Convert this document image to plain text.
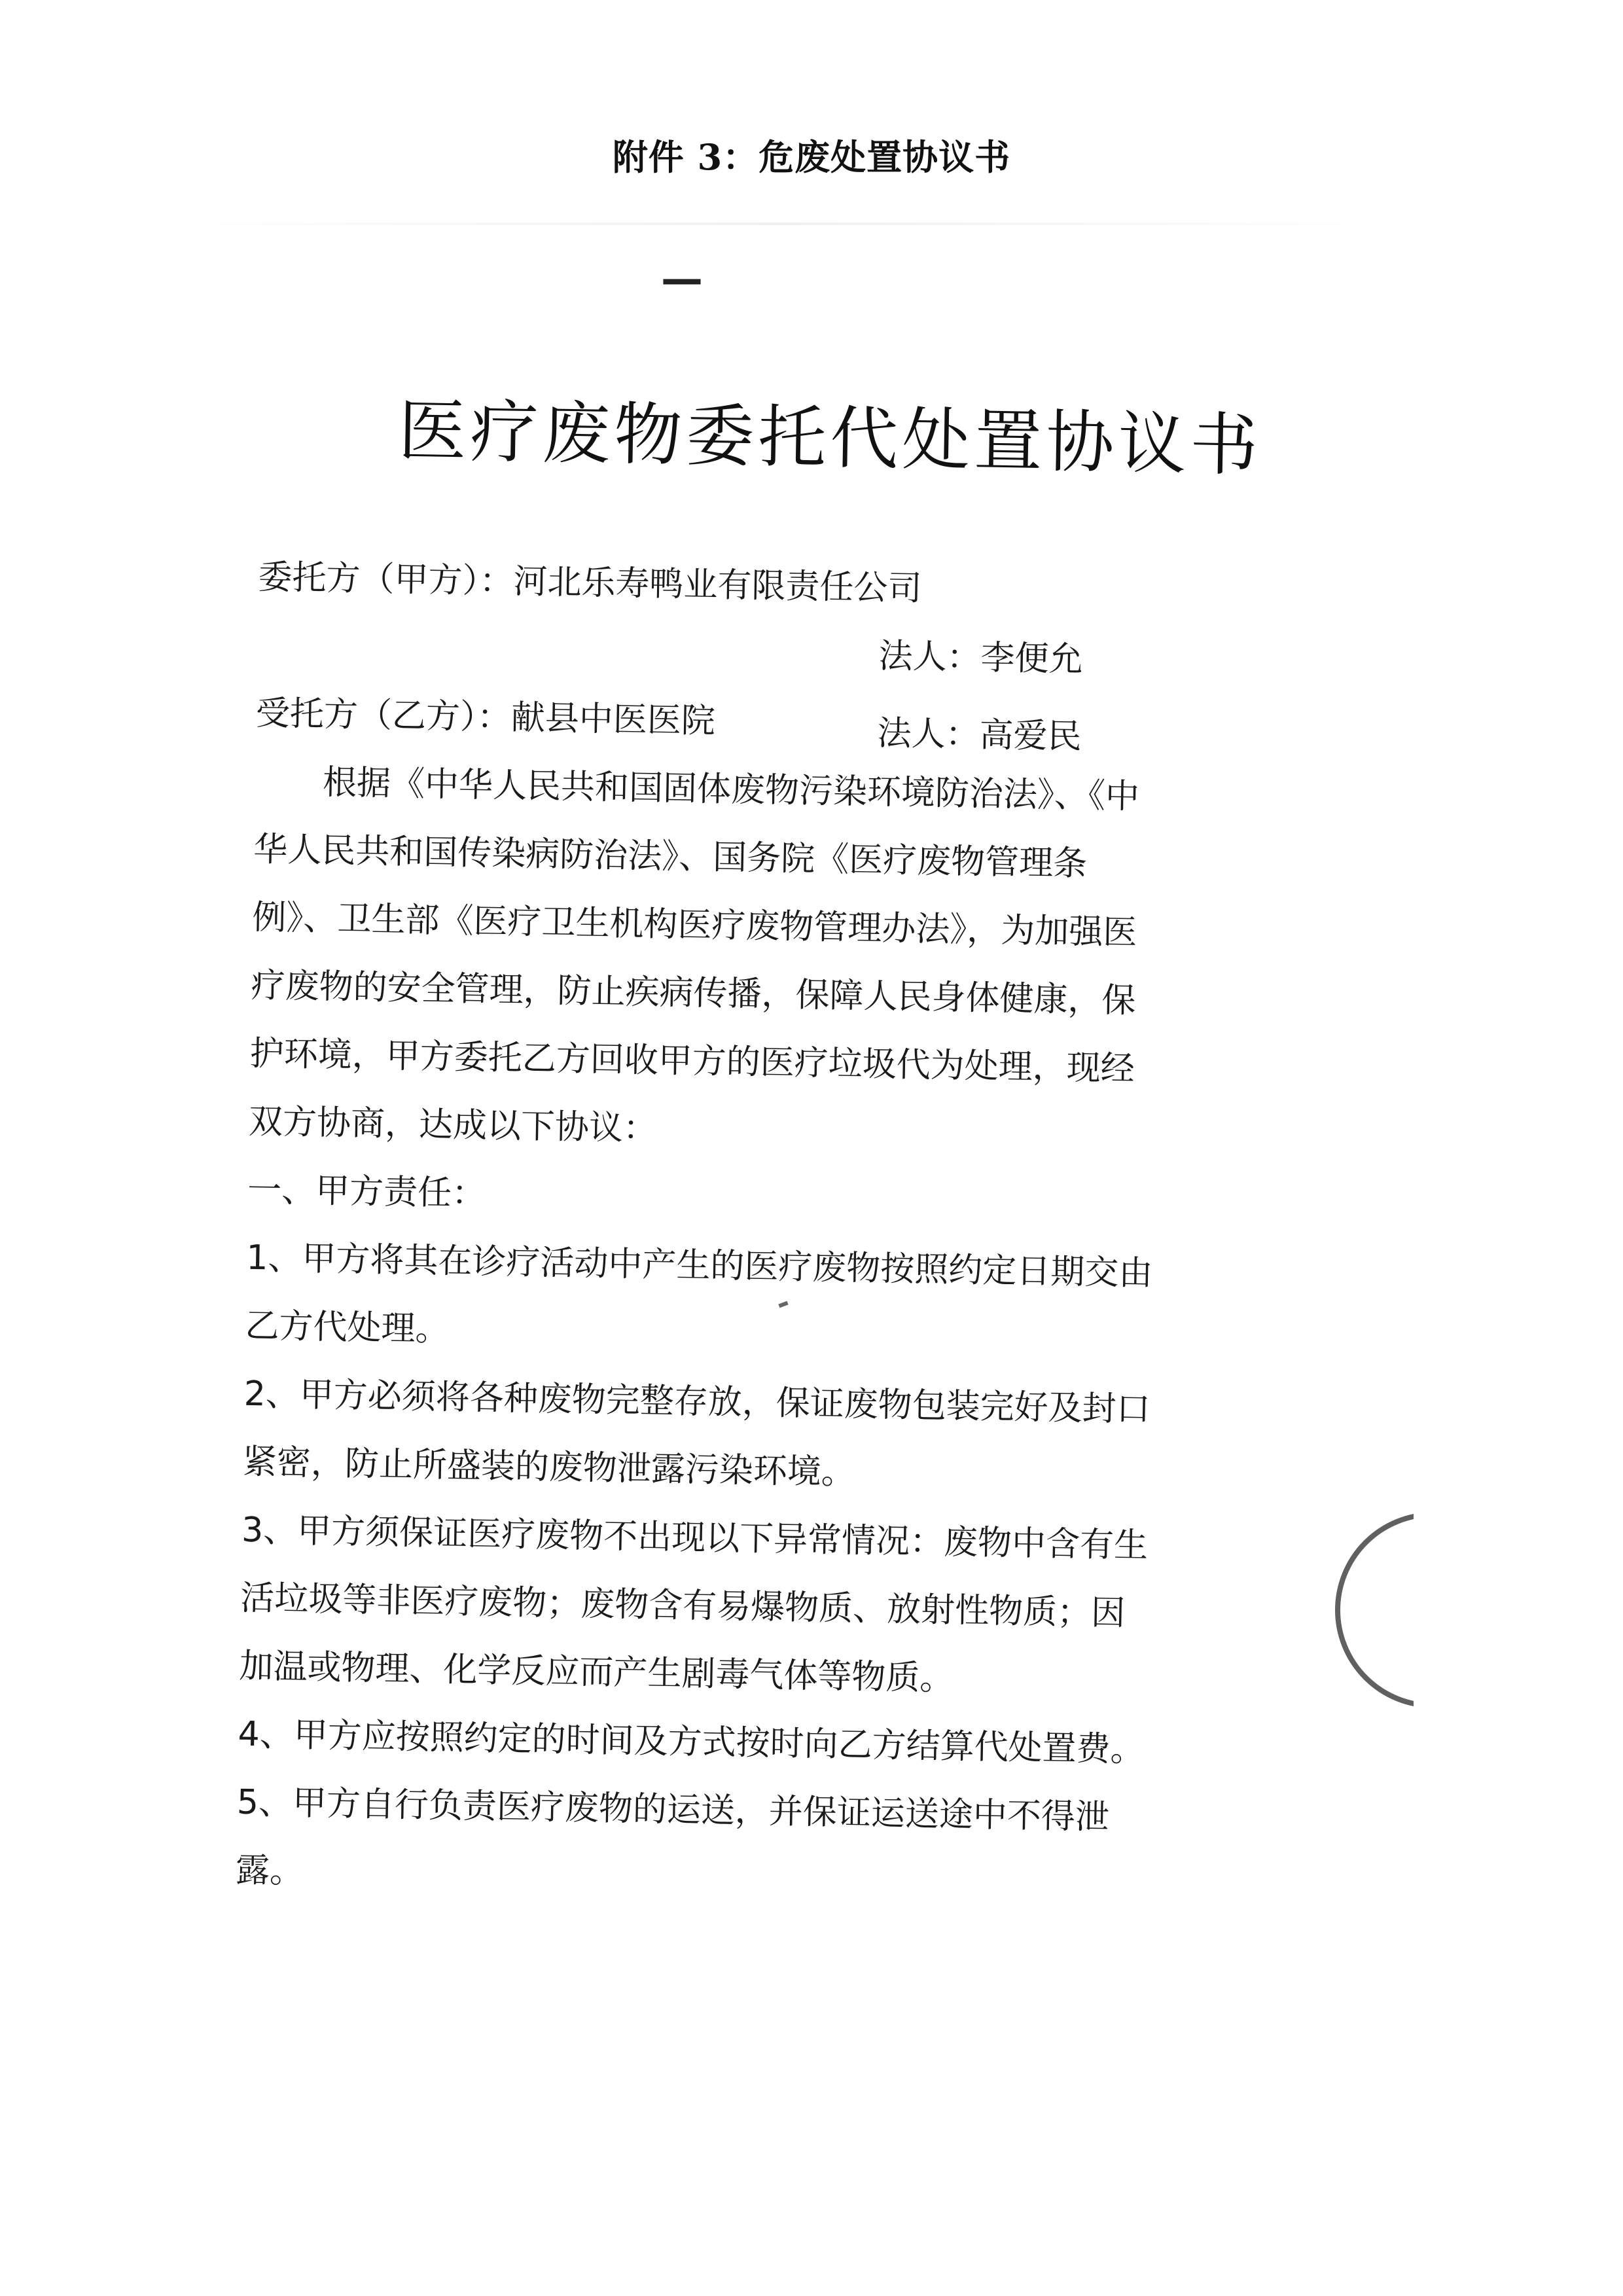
附件 3：危废处置协议书
—
医疗废物委托代处置协议书
委托方（甲方）：河北乐寿鸭业有限责任公司
法人：李便允
受托方（乙方）：献县中医医院	法人：高爱民
根据《中华人民共和国固体废物污染环境防治法》、《中华人民共和国传染病防治法》、国务院《医疗废物管理条例》、卫生部《医疗卫生机构医疗废物管理办法》，为加强医疗废物的安全管理，防止疾病传播，保障人民身体健康，保护环境，甲方委托乙方回收甲方的医疗垃圾代为处理，现经双方协商，达成以下协议：
一、甲方责任：
1、甲方将其在诊疗活动中产生的医疗废物按照约定日期交由乙方代处理。
2、甲方必须将各种废物完整存放，保证废物包装完好及封口紧密，防止所盛装的废物泄露污染环境。
3、甲方须保证医疗废物不出现以下异常情况：废物中含有生活垃圾等非医疗废物；废物含有易爆物质、放射性物质；因加温或物理、化学反应而产生剧毒气体等物质。
4、甲方应按照约定的时间及方式按时向乙方结算代处置费。
5、甲方自行负责医疗废物的运送，并保证运送途中不得泄露。
